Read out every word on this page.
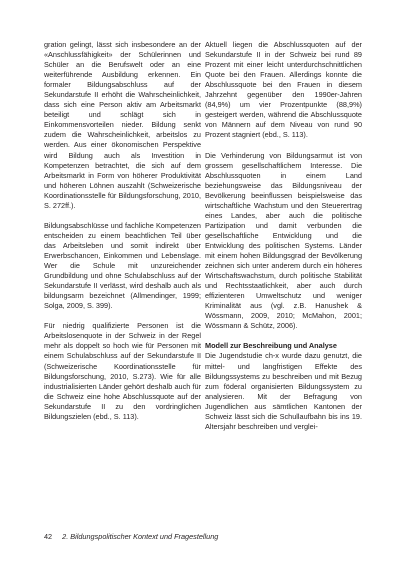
gration gelingt, lässt sich insbesondere an der «Anschlussfähigkeit» der Schülerinnen und Schüler an die Berufswelt oder an eine weiterführende Ausbildung erkennen. Ein formaler Bildungsabschluss auf der Sekundarstufe II erhöht die Wahrscheinlichkeit, dass sich eine Person aktiv am Arbeitsmarkt beteiligt und schlägt sich in Einkommensvorteilen nieder. Bildung senkt zudem die Wahrscheinlichkeit, arbeitslos zu werden. Aus einer ökonomischen Perspektive wird Bildung auch als Investition in Kompetenzen betrachtet, die sich auf dem Arbeitsmarkt in Form von höherer Produktivität und höheren Löhnen auszahlt (Schweizerische Koordinationsstelle für Bildungsforschung, 2010, S. 272ff.).

Bildungsabschlüsse und fachliche Kompetenzen entscheiden zu einem beachtlichen Teil über das Arbeitsleben und somit indirekt über Erwerbschancen, Einkommen und Lebenslage. Wer die Schule mit unzureichender Grundbildung und ohne Schulabschluss auf der Sekundarstufe II verlässt, wird deshalb auch als bildungsarm bezeichnet (Allmendinger, 1999; Solga, 2009, S. 399).

Für niedrig qualifizierte Personen ist die Arbeitslosenquote in der Schweiz in der Regel mehr als doppelt so hoch wie für Personen mit einem Schulabschluss auf der Sekundarstufe II (Schweizerische Koordinationsstelle für Bildungsforschung, 2010, S.273). Wie für alle industrialisierten Länder gehört deshalb auch für die Schweiz eine hohe Abschlussquote auf der Sekundarstufe II zu den vordringlichen Bildungszielen (ebd., S. 113).

Aktuell liegen die Abschlussquoten auf der Sekundarstufe II in der Schweiz bei rund 89 Prozent mit einer leicht unterdurchschnittlichen Quote bei den Frauen. Allerdings konnte die Abschlussquote bei den Frauen in diesem Jahrzehnt gegenüber den 1990er-Jahren (84,9%) um vier Prozentpunkte (88,9%) gesteigert werden, während die Abschlussquote von Männern auf dem Niveau von rund 90 Prozent stagniert (ebd., S. 113).

Die Verhinderung von Bildungsarmut ist von grossem gesellschaftlichem Interesse. Die Abschlussquoten in einem Land beziehungsweise das Bildungsniveau der Bevölkerung beeinflussen beispielsweise das wirtschaftliche Wachstum und den Steuerertrag eines Landes, aber auch die politische Partizipation und damit verbunden die gesellschaftliche Entwicklung und die Entwicklung des politischen Systems. Länder mit einem hohen Bildungsgrad der Bevölkerung zeichnen sich unter anderem durch ein höheres Wirtschaftswachstum, durch politische Stabilität und Rechtsstaatlichkeit, aber auch durch effizienteren Umweltschutz und weniger Kriminalität aus (vgl. z.B. Hanushek & Wössmann, 2009, 2010; McMahon, 2001; Wössmann & Schütz, 2006).

Modell zur Beschreibung und Analyse

Die Jugendstudie ch-x wurde dazu genutzt, die mittel- und langfristigen Effekte des Bildungssystems zu beschreiben und mit Bezug zum föderal organisierten Bildungssystem zu analysieren. Mit der Befragung von Jugendlichen aus sämtlichen Kantonen der Schweiz lässt sich die Schullaufbahn bis ins 19. Altersjahr beschreiben und verglei-

42 2. Bildungspolitischer Kontext und Fragestellung
